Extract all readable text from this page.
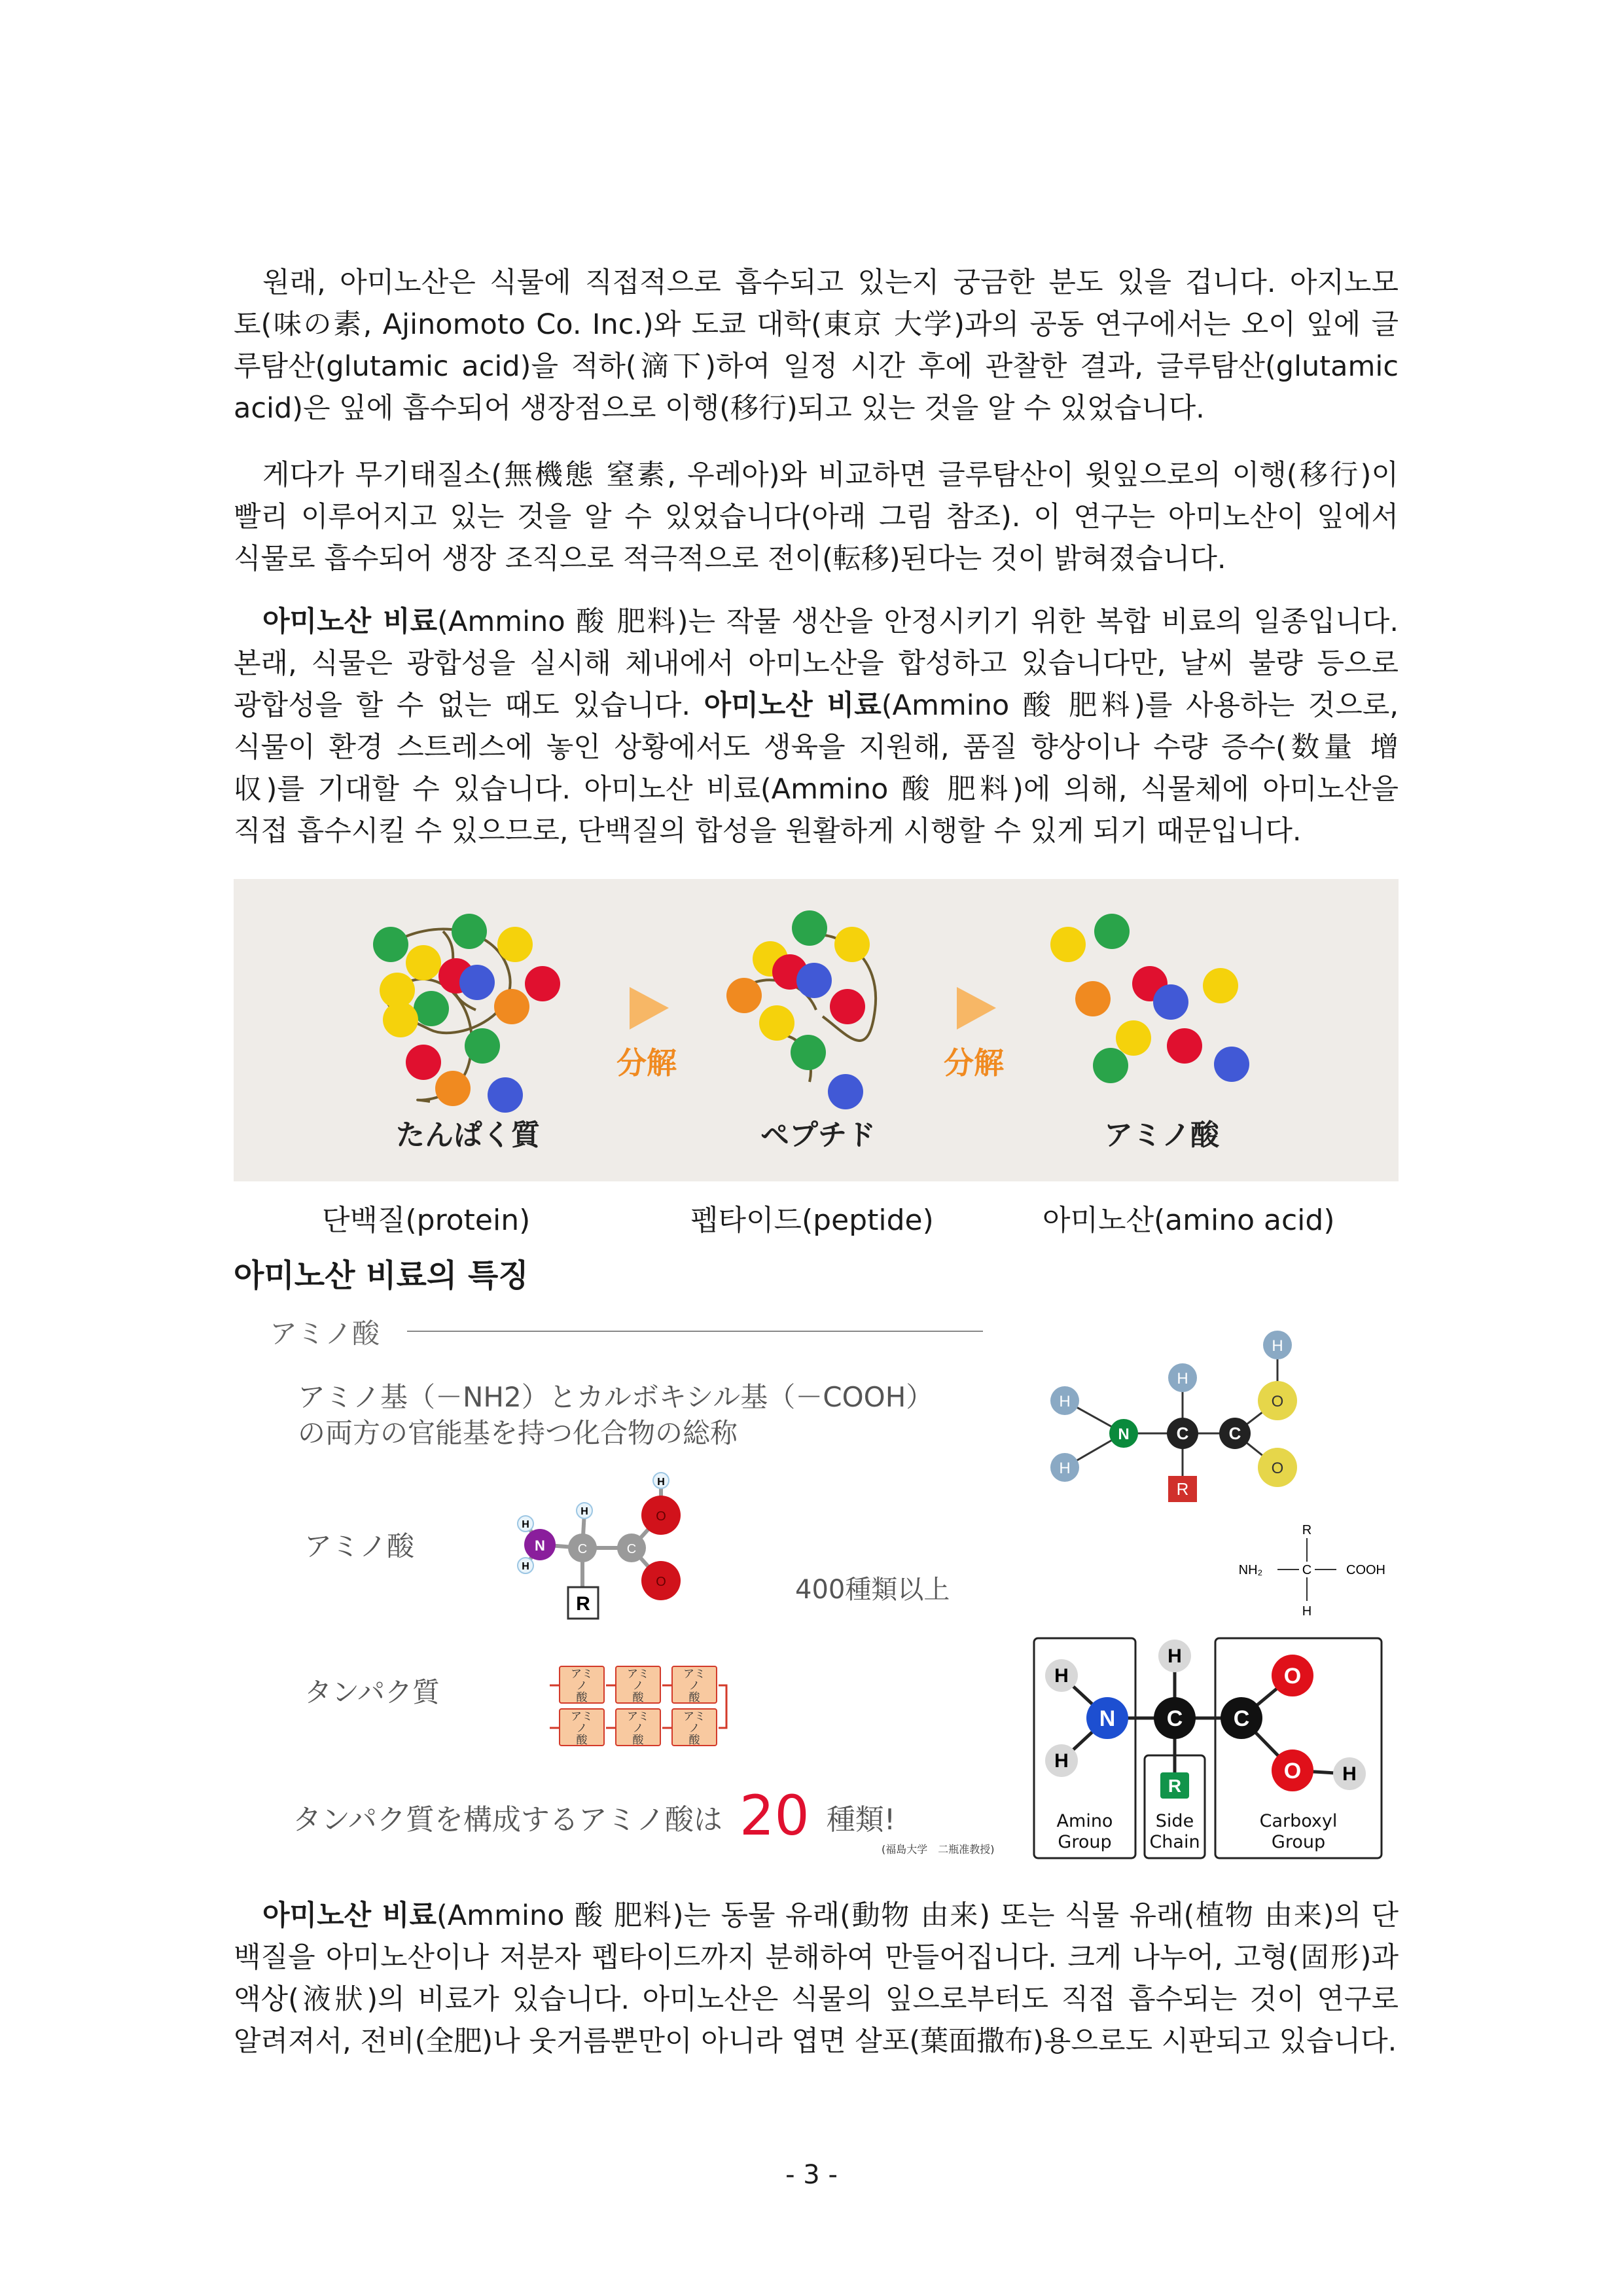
원래, 아미노산은 식물에 직접적으로 흡수되고 있는지 궁금한 분도 있을 겁니다. 아지노모

토(味の素, Ajinomoto Co. Inc.)와 도쿄 대학(東京 大学)과의 공동 연구에서는 오이 잎에 글

루탐산(glutamic acid)을 적하(滴下)하여 일정 시간 후에 관찰한 결과, 글루탐산(glutamic

acid)은 잎에 흡수되어 생장점으로 이행(移行)되고 있는 것을 알 수 있었습니다.

게다가 무기태질소(無機態 窒素, 우레아)와 비교하면 글루탐산이 윗잎으로의 이행(移行)이

빨리 이루어지고 있는 것을 알 수 있었습니다(아래 그림 참조). 이 연구는 아미노산이 잎에서

식물로 흡수되어 생장 조직으로 적극적으로 전이(転移)된다는 것이 밝혀졌습니다.

아미노산 비료(Ammino 酸 肥料)는 작물 생산을 안정시키기 위한 복합 비료의 일종입니다.

본래, 식물은 광합성을 실시해 체내에서 아미노산을 합성하고 있습니다만, 날씨 불량 등으로

광합성을 할 수 없는 때도 있습니다. 아미노산 비료(Ammino 酸 肥料)를 사용하는 것으로,

식물이 환경 스트레스에 놓인 상황에서도 생육을 지원해, 품질 향상이나 수량 증수(数量 增

収)를 기대할 수 있습니다. 아미노산 비료(Ammino 酸 肥料)에 의해, 식물체에 아미노산을

직접 흡수시킬 수 있으므로, 단백질의 합성을 원활하게 시행할 수 있게 되기 때문입니다.

分解	分解
たんぱく質	ペプチド	アミノ酸
단백질(protein)	펩타이드(peptide)	아미노산(amino acid)
아미노산 비료의 특징
アミノ酸
アミノ基（－NH2）とカルボキシル基（－COOH）
の両方の官能基を持つ化合物の総称
アミノ酸	N C	C
O
O
H
H
H
H
R	400種類以上
タンパク質
アミ
ノ
酸
アミ
ノ
酸
アミ
ノ
酸
アミ
ノ
酸
アミ
ノ
酸
アミ
ノ
酸
タンパク質を構成するアミノ酸は 20 種類!
(福島大学　二瓶准教授)
H
H
H
H
N	C C
O
O
R
R
NH₂	C	COOH
H
H
H
H
H
N C C
O
O
R
Amino
Group
Side
Chain
Carboxyl
Group

아미노산 비료(Ammino 酸 肥料)는 동물 유래(動物 由来) 또는 식물 유래(植物 由来)의 단

백질을 아미노산이나 저분자 펩타이드까지 분해하여 만들어집니다. 크게 나누어, 고형(固形)과

액상(液狀)의 비료가 있습니다. 아미노산은 식물의 잎으로부터도 직접 흡수되는 것이 연구로

알려져서, 전비(全肥)나 웃거름뿐만이 아니라 엽면 살포(葉面撒布)용으로도 시판되고 있습니다.

- 3 -
